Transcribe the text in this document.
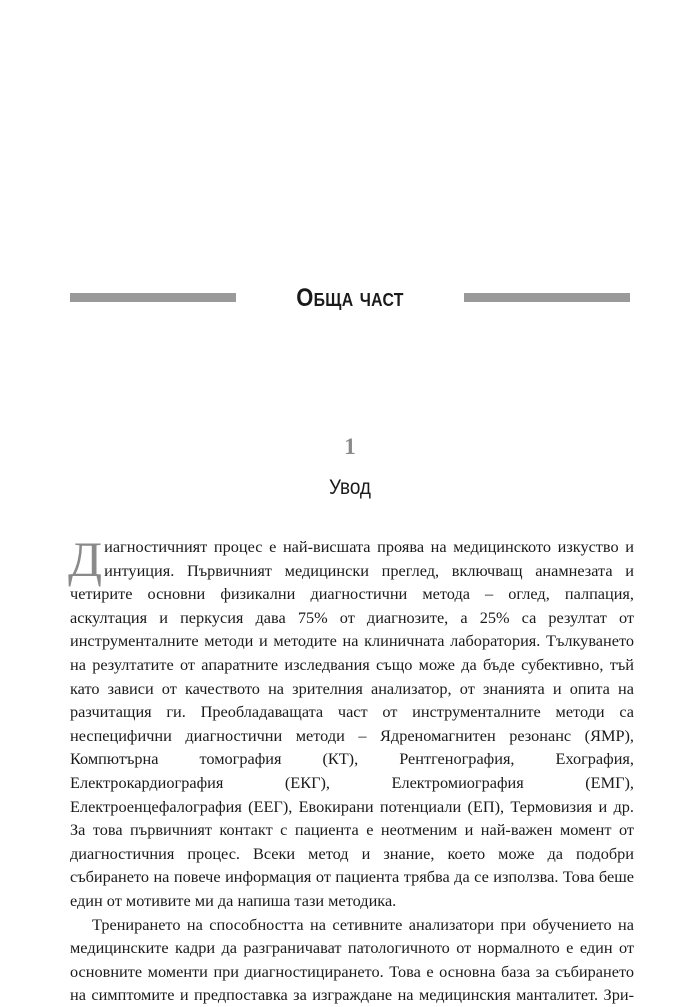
Обща част
1
Увод

Диагностичният процес е най-висшата проява на медицинското изкуство и интуиция. Първичният медицински преглед, включващ анамнезата и четирите основни физикални диагностични метода – оглед, палпация, аскултация и перкусия дава 75% от диагнозите, а 25% са резултат от инструменталните методи и методите на клиничната лаборатория. Тълкуването на резултатите от апаратните изследвания също може да бъде субективно, тъй като зависи от качеството на зрителния анализатор, от знанията и опита на разчитащия ги. Преобладаващата част от инструменталните методи са неспецифични диагностични методи – Ядреномагнитен резонанс (ЯМР), Компютърна томография (КТ), Рентгенография, Ехография, Електрокардиография (ЕКГ), Електромиография (ЕМГ), Електроенцефалография (ЕЕГ), Евокирани потенциали (ЕП), Термовизия и др. За това първичният контакт с пациента е неотменим и най-важен момент от диагностичния процес. Всеки метод и знание, което може да подобри събирането на повече информация от пациента трябва да се използва. Това беше един от мотивите ми да напиша тази методика.

Тренирането на способността на сетивните анализатори при обучението на медицинските кадри да разграничават патологичното от нормалното е един от основните моменти при диагностицирането. Това е основна база за събирането на симптомите и предпоставка за изграждане на медицинския манталитет. Зри-
